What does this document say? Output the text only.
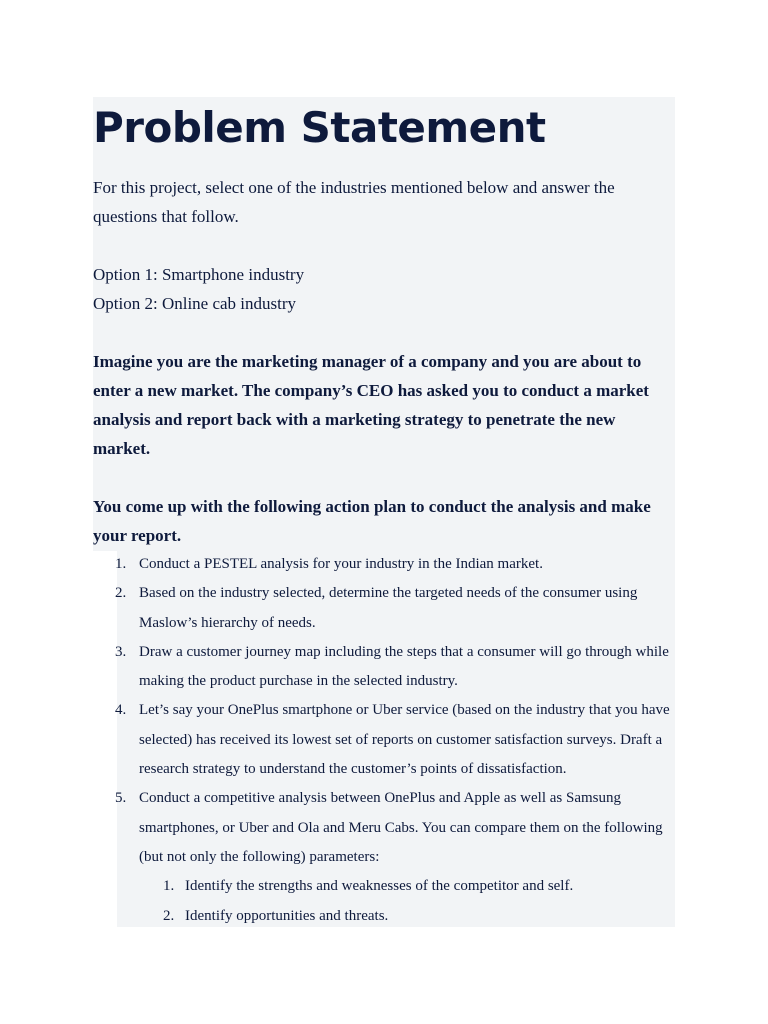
Problem Statement

For this project, select one of the industries mentioned below and answer the questions that follow.

Option 1: Smartphone industry

Option 2: Online cab industry

Imagine you are the marketing manager of a company and you are about to enter a new market. The company’s CEO has asked you to conduct a market analysis and report back with a marketing strategy to penetrate the new market.

You come up with the following action plan to conduct the analysis and make your report.

1. Conduct a PESTEL analysis for your industry in the Indian market.
2. Based on the industry selected, determine the targeted needs of the consumer using Maslow’s hierarchy of needs.
3. Draw a customer journey map including the steps that a consumer will go through while making the product purchase in the selected industry.
4. Let’s say your OnePlus smartphone or Uber service (based on the industry that you have selected) has received its lowest set of reports on customer satisfaction surveys. Draft a research strategy to understand the customer’s points of dissatisfaction.
5. Conduct a competitive analysis between OnePlus and Apple as well as Samsung smartphones, or Uber and Ola and Meru Cabs. You can compare them on the following (but not only the following) parameters:
1. Identify the strengths and weaknesses of the competitor and self.
2. Identify opportunities and threats.
